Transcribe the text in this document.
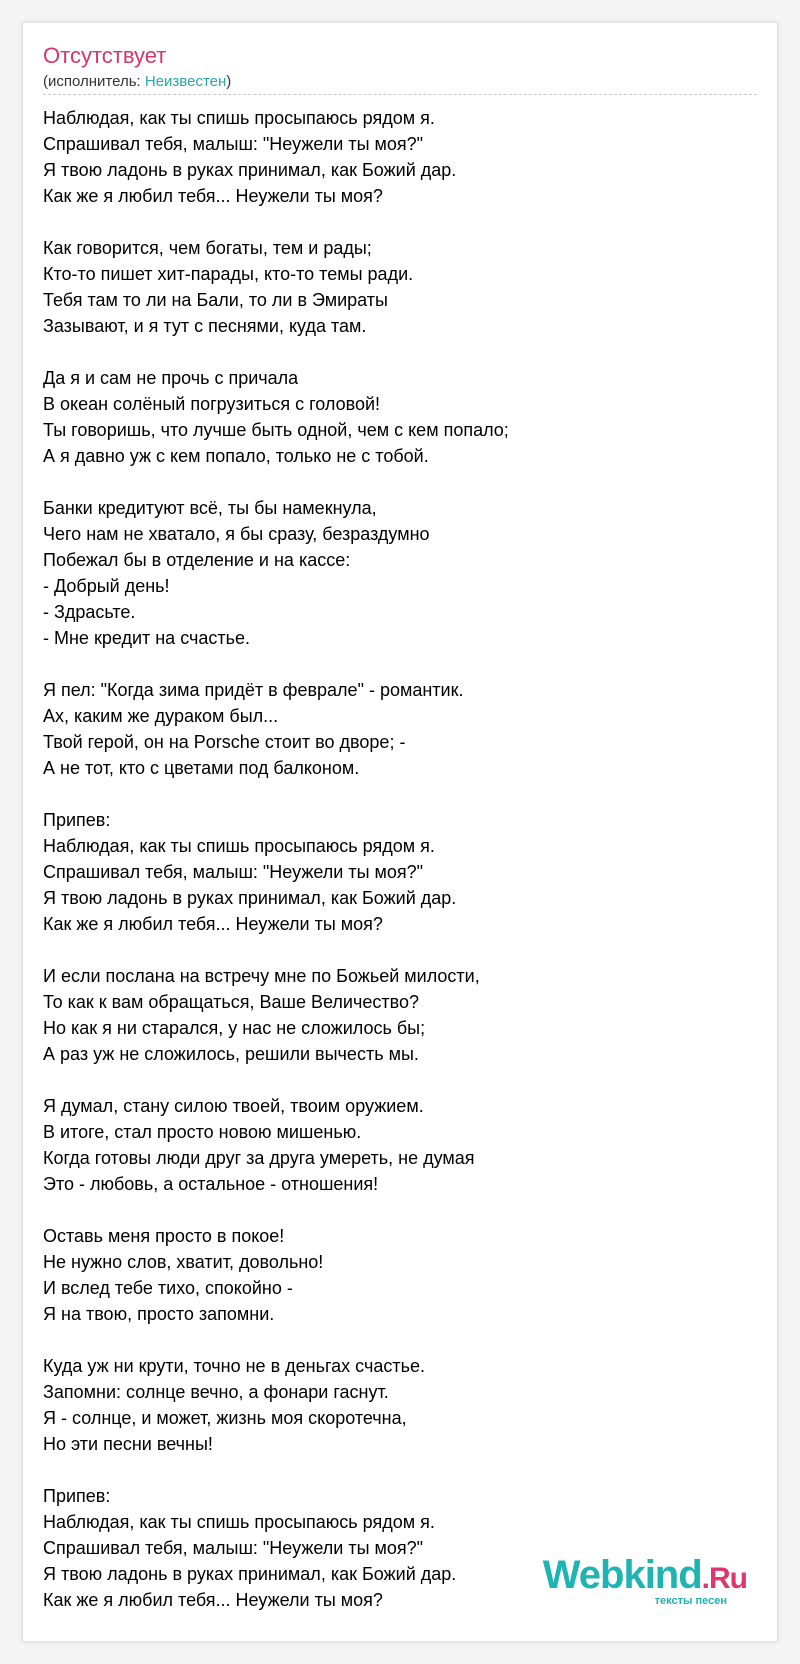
Отсутствует
(исполнитель: Неизвестен)
Наблюдая, как ты спишь просыпаюсь рядом я.
Спрашивал тебя, малыш: "Неужели ты моя?"
Я твою ладонь в руках принимал, как Божий дар.
Как же я любил тебя... Неужели ты моя?
Как говорится, чем богаты, тем и рады;
Кто-то пишет хит-парады, кто-то темы ради.
Тебя там то ли на Бали, то ли в Эмираты
Зазывают, и я тут с песнями, куда там.
Да я и сам не прочь с причала
В океан солёный погрузиться с головой!
Ты говоришь, что лучше быть одной, чем с кем попало;
А я давно уж с кем попало, только не с тобой.
Банки кредитуют всё, ты бы намекнула,
Чего нам не хватало, я бы сразу, безраздумно
Побежал бы в отделение и на кассе:
- Добрый день!
- Здрасьте.
- Мне кредит на счастье.
Я пел: "Когда зима придёт в феврале" - романтик.
Ах, каким же дураком был...
Твой герой, он на Porsche стоит во дворе; -
А не тот, кто с цветами под балконом.
Припев:
Наблюдая, как ты спишь просыпаюсь рядом я.
Спрашивал тебя, малыш: "Неужели ты моя?"
Я твою ладонь в руках принимал, как Божий дар.
Как же я любил тебя... Неужели ты моя?
И если послана на встречу мне по Божьей милости,
То как к вам обращаться, Ваше Величество?
Но как я ни старался, у нас не сложилось бы;
А раз уж не сложилось, решили вычесть мы.
Я думал, стану силою твоей, твоим оружием.
В итоге, стал просто новою мишенью.
Когда готовы люди друг за друга умереть, не думая
Это - любовь, а остальное - отношения!
Оставь меня просто в покое!
Не нужно слов, хватит, довольно!
И вслед тебе тихо, спокойно -
Я на твою, просто запомни.
Куда уж ни крути, точно не в деньгах счастье.
Запомни: солнце вечно, а фонари гаснут.
Я - солнце, и может, жизнь моя скоротечна,
Но эти песни вечны!
Припев:
Наблюдая, как ты спишь просыпаюсь рядом я.
Спрашивал тебя, малыш: "Неужели ты моя?"
Я твою ладонь в руках принимал, как Божий дар.
Как же я любил тебя... Неужели ты моя?
Webkind.Ru
тексты песен
